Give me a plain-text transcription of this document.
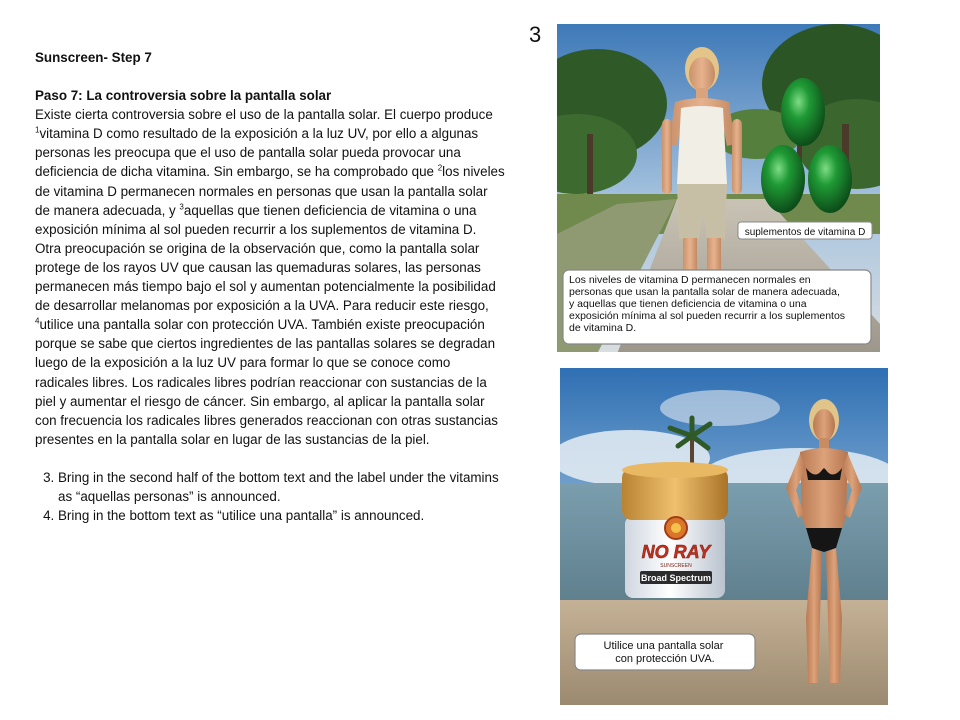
Sunscreen- Step 7

Paso 7: La controversia sobre la pantalla solar

Existe cierta controversia sobre el uso de la pantalla solar. El cuerpo produce $^1$vitamina D como resultado de la exposición a la luz UV, por ello a algunas personas les preocupa que el uso de pantalla solar pueda provocar una deficiencia de dicha vitamina. Sin embargo, se ha comprobado que $^2$los niveles de vitamina D permanecen normales en personas que usan la pantalla solar de manera adecuada, y $^3$aquellas que tienen deficiencia de vitamina o una exposición mínima al sol pueden recurrir a los suplementos de vitamina D. Otra preocupación se origina de la observación que, como la pantalla solar protege de los rayos UV que causan las quemaduras solares, las personas permanecen más tiempo bajo el sol y aumentan potencialmente la posibilidad de desarrollar melanomas por exposición a la UVA. Para reducir este riesgo, $^4$utilice una pantalla solar con protección UVA. También existe preocupación porque se sabe que ciertos ingredientes de las pantallas solares se degradan luego de la exposición a la luz UV para formar lo que se conoce como radicales libres. Los radicales libres podrían reaccionar con sustancias de la piel y aumentar el riesgo de cáncer. Sin embargo, al aplicar la pantalla solar con frecuencia los radicales libres generados reaccionan con otras sustancias presentes en la pantalla solar en lugar de las sustancias de la piel.

3. Bring in the second half of the bottom text and the label under the vitamins as “aquellas personas” is announced.
4. Bring in the bottom text as “utilice una pantalla” is announced.
3
suplementos de vitamina D
Los niveles de vitamina D permanecen normales en personas que usan la pantalla solar de manera adecuada, y aquellas que tienen deficiencia de vitamina o una exposición mínima al sol pueden recurrir a los suplementos de vitamina D.
NO RAY
SUNSCREEN
Broad Spectrum
Utilice una pantalla solar con protección UVA.
